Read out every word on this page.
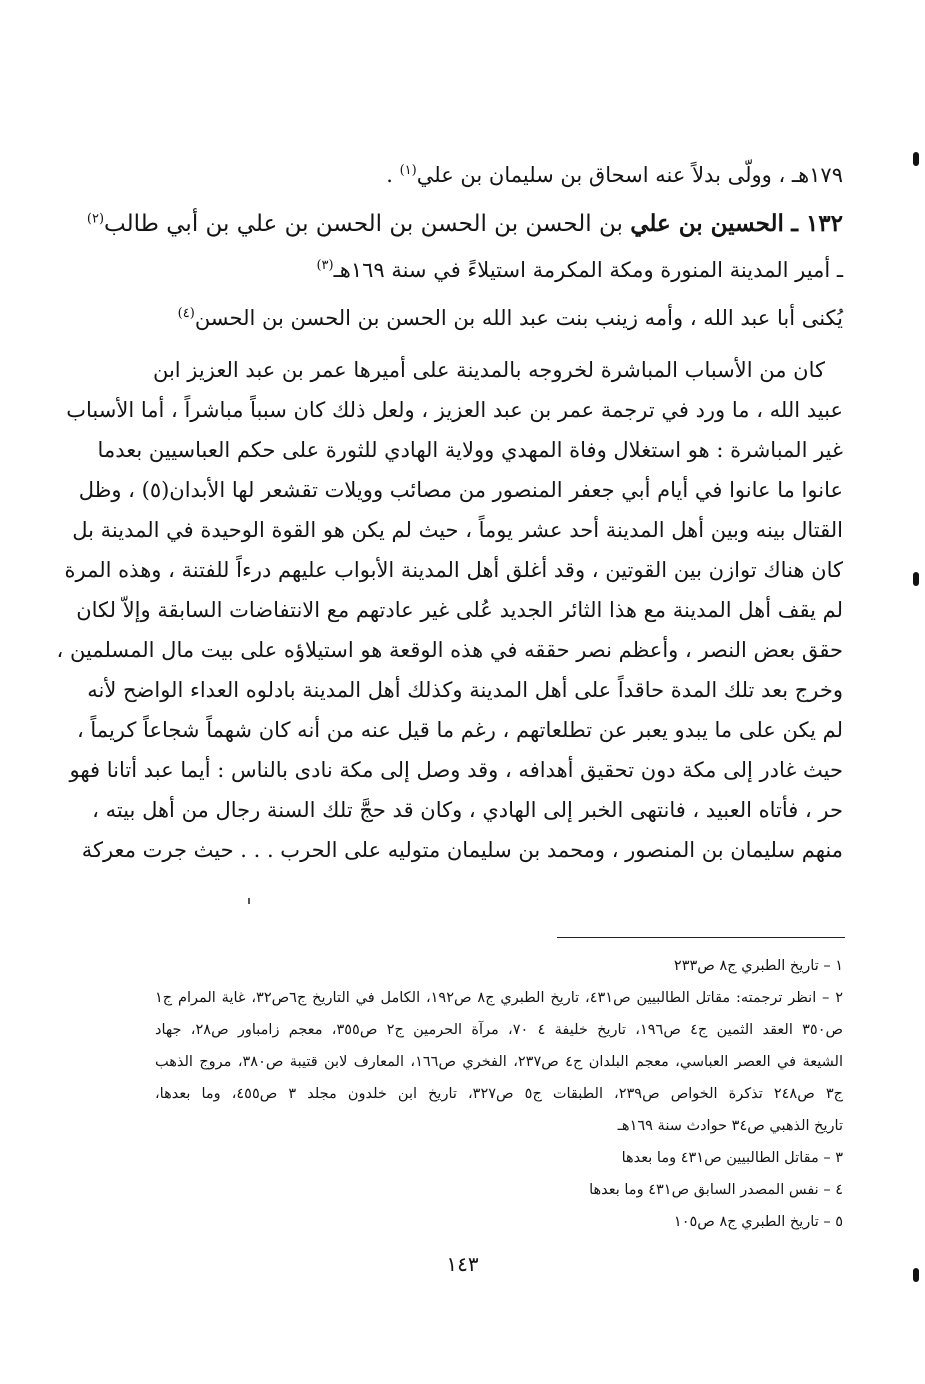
١٧٩هـ ، وولّى بدلاً عنه اسحاق بن سليمان بن علي$^{(١)}$ .
١٣٢ ـ الحسين بن علي بن الحسن بن الحسن بن الحسن بن علي بن أبي طالب$^{(٢)}$
ـ أمير المدينة المنورة ومكة المكرمة استيلاءً في سنة ١٦٩هـ$^{(٣)}$
يُكنى أبا عبد الله ، وأمه زينب بنت عبد الله بن الحسن بن الحسن بن الحسن$^{(٤)}$
كان من الأسباب المباشرة لخروجه بالمدينة على أميرها عمر بن عبد العزيز ابن
عبيد الله ، ما ورد في ترجمة عمر بن عبد العزيز ، ولعل ذلك كان سبباً مباشراً ، أما الأسباب
غير المباشرة : هو استغلال وفاة المهدي وولاية الهادي للثورة على حكم العباسيين بعدما
عانوا ما عانوا في أيام أبي جعفر المنصور من مصائب وويلات تقشعر لها الأبدان(٥) ، وظل
القتال بينه وبين أهل المدينة أحد عشر يوماً ، حيث لم يكن هو القوة الوحيدة في المدينة بل
كان هناك توازن بين القوتين ، وقد أغلق أهل المدينة الأبواب عليهم درءاً للفتنة ، وهذه المرة
لم يقف أهل المدينة مع هذا الثائر الجديد عُلى غير عادتهم مع الانتفاضات السابقة وإلاّ لكان
حقق بعض النصر ، وأعظم نصر حققه في هذه الوقعة هو استيلاؤه على بيت مال المسلمين ،
وخرج بعد تلك المدة حاقداً على أهل المدينة وكذلك أهل المدينة بادلوه العداء الواضح لأنه
لم يكن على ما يبدو يعبر عن تطلعاتهم ، رغم ما قيل عنه من أنه كان شهماً شجاعاً كريماً ،
حيث غادر إلى مكة دون تحقيق أهدافه ، وقد وصل إلى مكة نادى بالناس : أيما عبد أتانا فهو
حر ، فأتاه العبيد ، فانتهى الخبر إلى الهادي ، وكان قد حجَّ تلك السنة رجال من أهل بيته ،
منهم سليمان بن المنصور ، ومحمد بن سليمان متوليه على الحرب . . . حيث جرت معركة
١ – تاريخ الطبري ج٨ ص٢٣٣
٢ – انظر ترجمته: مقاتل الطالبيين ص٤٣١، تاريخ الطبري ج٨ ص١٩٢، الكامل في التاريخ ج٦ص٣٢، غاية المرام ج١
ص٣٥٠ العقد الثمين ج٤ ص١٩٦، تاريخ خليفة ٤ ٧٠، مرآة الحرمين ج٢ ص٣٥٥، معجم زامباور ص٢٨، جهاد
الشيعة في العصر العباسي، معجم البلدان ج٤ ص٢٣٧، الفخري ص١٦٦، المعارف لابن قتيبة ص٣٨٠، مروج الذهب
ج٣ ص٢٤٨ تذكرة الخواص ص٢٣٩، الطبقات ج٥ ص٣٢٧، تاريخ ابن خلدون مجلد ٣ ص٤٥٥، وما بعدها،
تاريخ الذهبي ص٣٤ حوادث سنة ١٦٩هـ
٣ – مقاتل الطالبيين ص٤٣١ وما بعدها
٤ – نفس المصدر السابق ص٤٣١ وما بعدها
٥ – تاريخ الطبري ج٨ ص١٠٥
١٤٣
